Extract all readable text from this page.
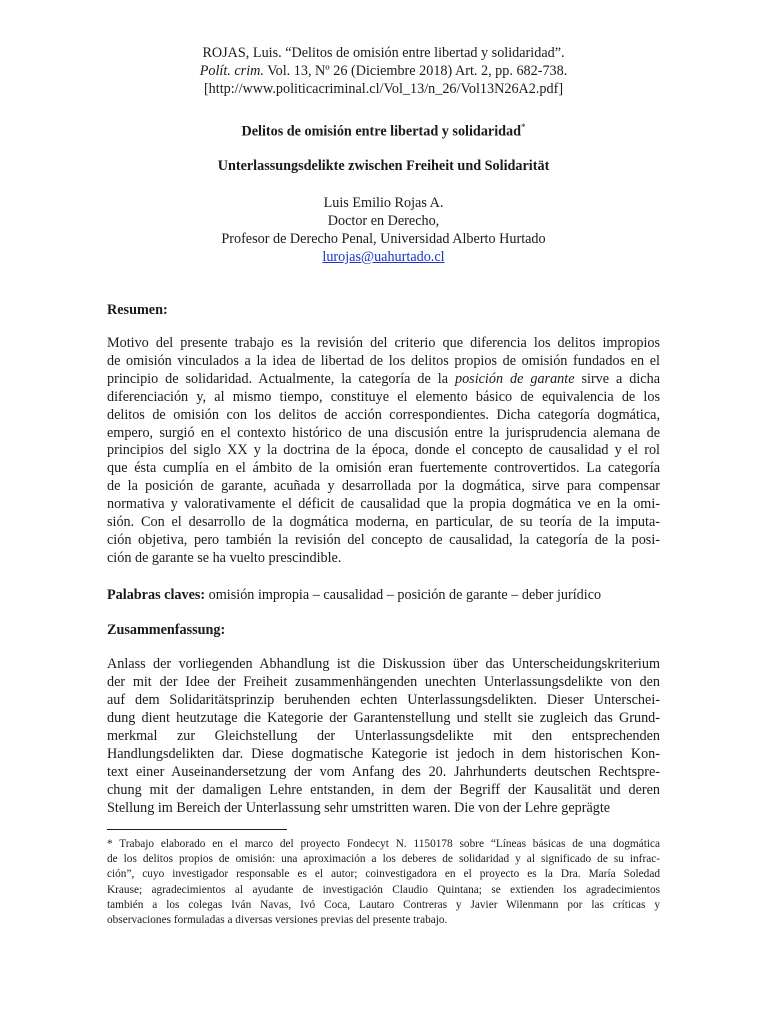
ROJAS, Luis. “Delitos de omisión entre libertad y solidaridad”.
Polít. crim. Vol. 13, Nº 26 (Diciembre 2018) Art. 2, pp. 682-738.
[http://www.politicacriminal.cl/Vol_13/n_26/Vol13N26A2.pdf]
Delitos de omisión entre libertad y solidaridad*
Unterlassungsdelikte zwischen Freiheit und Solidarität
Luis Emilio Rojas A.
Doctor en Derecho,
Profesor de Derecho Penal, Universidad Alberto Hurtado
lurojas@uahurtado.cl
Resumen:
Motivo del presente trabajo es la revisión del criterio que diferencia los delitos impropios
de omisión vinculados a la idea de libertad de los delitos propios de omisión fundados en el
principio de solidaridad. Actualmente, la categoría de la posición de garante sirve a dicha
diferenciación y, al mismo tiempo, constituye el elemento básico de equivalencia de los
delitos de omisión con los delitos de acción correspondientes. Dicha categoría dogmática,
empero, surgió en el contexto histórico de una discusión entre la jurisprudencia alemana de
principios del siglo XX y la doctrina de la época, donde el concepto de causalidad y el rol
que ésta cumplía en el ámbito de la omisión eran fuertemente controvertidos. La categoría
de la posición de garante, acuñada y desarrollada por la dogmática, sirve para compensar
normativa y valorativamente el déficit de causalidad que la propia dogmática ve en la omi-
sión. Con el desarrollo de la dogmática moderna, en particular, de su teoría de la imputa-
ción objetiva, pero también la revisión del concepto de causalidad, la categoría de la posi-
ción de garante se ha vuelto prescindible.
Palabras claves: omisión impropia – causalidad – posición de garante – deber jurídico
Zusammenfassung:
Anlass der vorliegenden Abhandlung ist die Diskussion über das Unterscheidungskriterium
der mit der Idee der Freiheit zusammenhängenden unechten Unterlassungsdelikte von den
auf dem Solidaritätsprinzip beruhenden echten Unterlassungsdelikten. Dieser Unterschei-
dung dient heutzutage die Kategorie der Garantenstellung und stellt sie zugleich das Grund-
merkmal zur Gleichstellung der Unterlassungsdelikte mit den entsprechenden
Handlungsdelikten dar. Diese dogmatische Kategorie ist jedoch in dem historischen Kon-
text einer Auseinandersetzung der vom Anfang des 20. Jahrhunderts deutschen Rechtspre-
chung mit der damaligen Lehre entstanden, in dem der Begriff der Kausalität und deren
Stellung im Bereich der Unterlassung sehr umstritten waren. Die von der Lehre geprägte
* Trabajo elaborado en el marco del proyecto Fondecyt N. 1150178 sobre “Líneas básicas de una dogmática
de los delitos propios de omisión: una aproximación a los deberes de solidaridad y al significado de su infrac-
ción”, cuyo investigador responsable es el autor; coinvestigadora en el proyecto es la Dra. María Soledad
Krause; agradecimientos al ayudante de investigación Claudio Quintana; se extienden los agradecimientos
también a los colegas Iván Navas, Ivó Coca, Lautaro Contreras y Javier Wilenmann por las críticas y
observaciones formuladas a diversas versiones previas del presente trabajo.
